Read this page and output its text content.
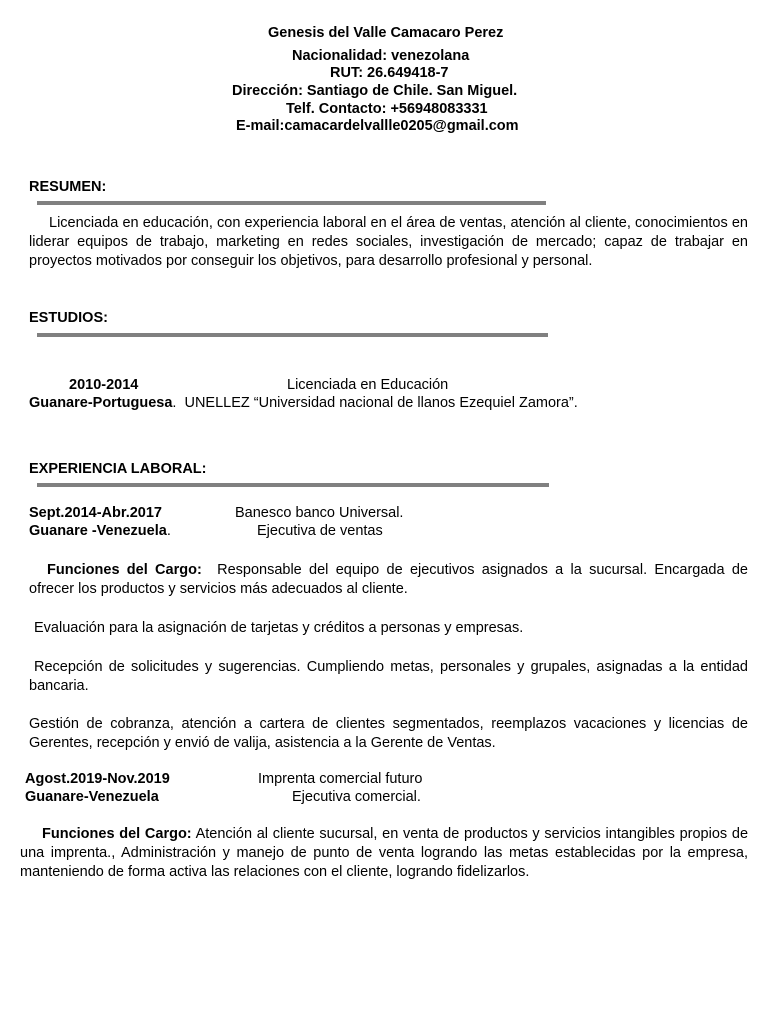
Genesis del Valle Camacaro Perez
Nacionalidad: venezolana
RUT: 26.649418-7
Dirección: Santiago de Chile. San Miguel.
Telf. Contacto: +56948083331
E-mail:camacardelvallle0205@gmail.com
RESUMEN:
Licenciada en educación, con experiencia laboral en el área de ventas, atención al cliente, conocimientos en liderar equipos de trabajo, marketing en redes sociales, investigación de mercado; capaz de trabajar en proyectos motivados por conseguir los objetivos, para desarrollo profesional y personal.
ESTUDIOS:
2010-2014	Licenciada en Educación
Guanare-Portuguesa. UNELLEZ “Universidad nacional de llanos Ezequiel Zamora”.
EXPERIENCIA LABORAL:
Sept.2014-Abr.2017	Banesco banco Universal.
Guanare -Venezuela.	Ejecutiva de ventas
Funciones del Cargo: Responsable del equipo de ejecutivos asignados a la sucursal. Encargada de ofrecer los productos y servicios más adecuados al cliente.
Evaluación para la asignación de tarjetas y créditos a personas y empresas.
Recepción de solicitudes y sugerencias. Cumpliendo metas, personales y grupales, asignadas a la entidad bancaria.
Gestión de cobranza, atención a cartera de clientes segmentados, reemplazos vacaciones y licencias de Gerentes, recepción y envió de valija, asistencia a la Gerente de Ventas.
Agost.2019-Nov.2019	Imprenta comercial futuro
Guanare-Venezuela	Ejecutiva comercial.
Funciones del Cargo: Atención al cliente sucursal, en venta de productos y servicios intangibles propios de una imprenta., Administración y manejo de punto de venta logrando las metas establecidas por la empresa, manteniendo de forma activa las relaciones con el cliente, logrando fidelizarlos.
